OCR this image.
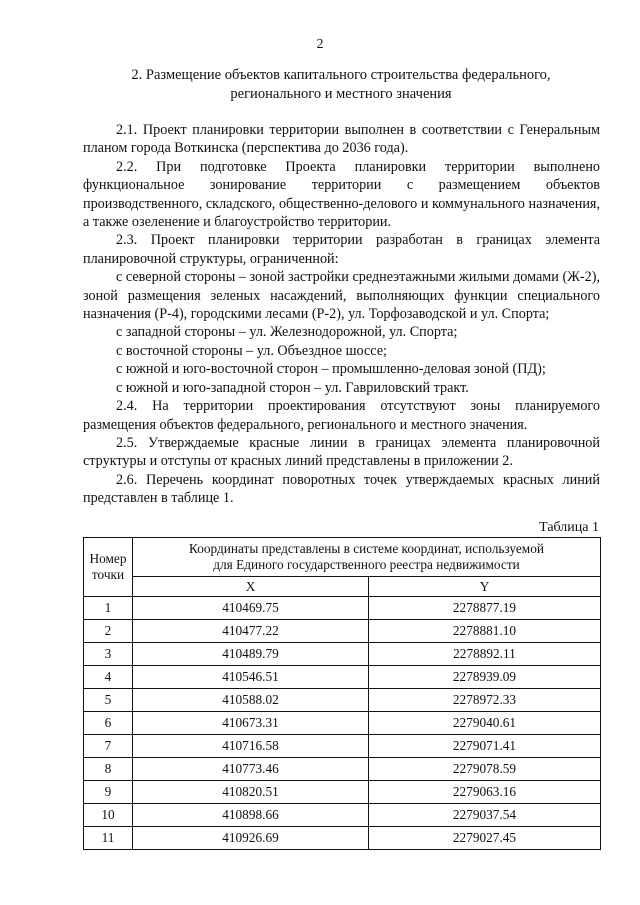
2
2. Размещение объектов капитального строительства федерального,
регионального и местного значения

2.1. Проект планировки территории выполнен в соответствии с Генеральным планом города Воткинска (перспектива до 2036 года).

2.2. При подготовке Проекта планировки территории выполнено функциональное зонирование территории с размещением объектов производственного, складского, общественно-делового и коммунального назначения, а также озеленение и благоустройство территории.

2.3. Проект планировки территории разработан в границах элемента планировочной структуры, ограниченной:

с северной стороны – зоной застройки среднеэтажными жилыми домами (Ж-2), зоной размещения зеленых насаждений, выполняющих функции специального назначения (Р-4), городскими лесами (Р-2), ул. Торфозаводской и ул. Спорта;

с западной стороны – ул. Железнодорожной, ул. Спорта;

с восточной стороны – ул. Объездное шоссе;

с южной и юго-восточной сторон – промышленно-деловая зоной (ПД);

с южной и юго-западной сторон – ул. Гавриловский тракт.

2.4. На территории проектирования отсутствуют зоны планируемого размещения объектов федерального, регионального и местного значения.

2.5. Утверждаемые красные линии в границах элемента планировочной структуры и отступы от красных линий представлены в приложении 2.

2.6. Перечень координат поворотных точек утверждаемых красных линий представлен в таблице 1.

Таблица 1
Номер точки	Координаты представлены в системе координат, используемой
для Единого государственного реестра недвижимости	

	X	Y
1	410469.75	2278877.19
2	410477.22	2278881.10
3	410489.79	2278892.11
4	410546.51	2278939.09
5	410588.02	2278972.33
6	410673.31	2279040.61
7	410716.58	2279071.41
8	410773.46	2279078.59
9	410820.51	2279063.16
10	410898.66	2279037.54
11	410926.69	2279027.45
